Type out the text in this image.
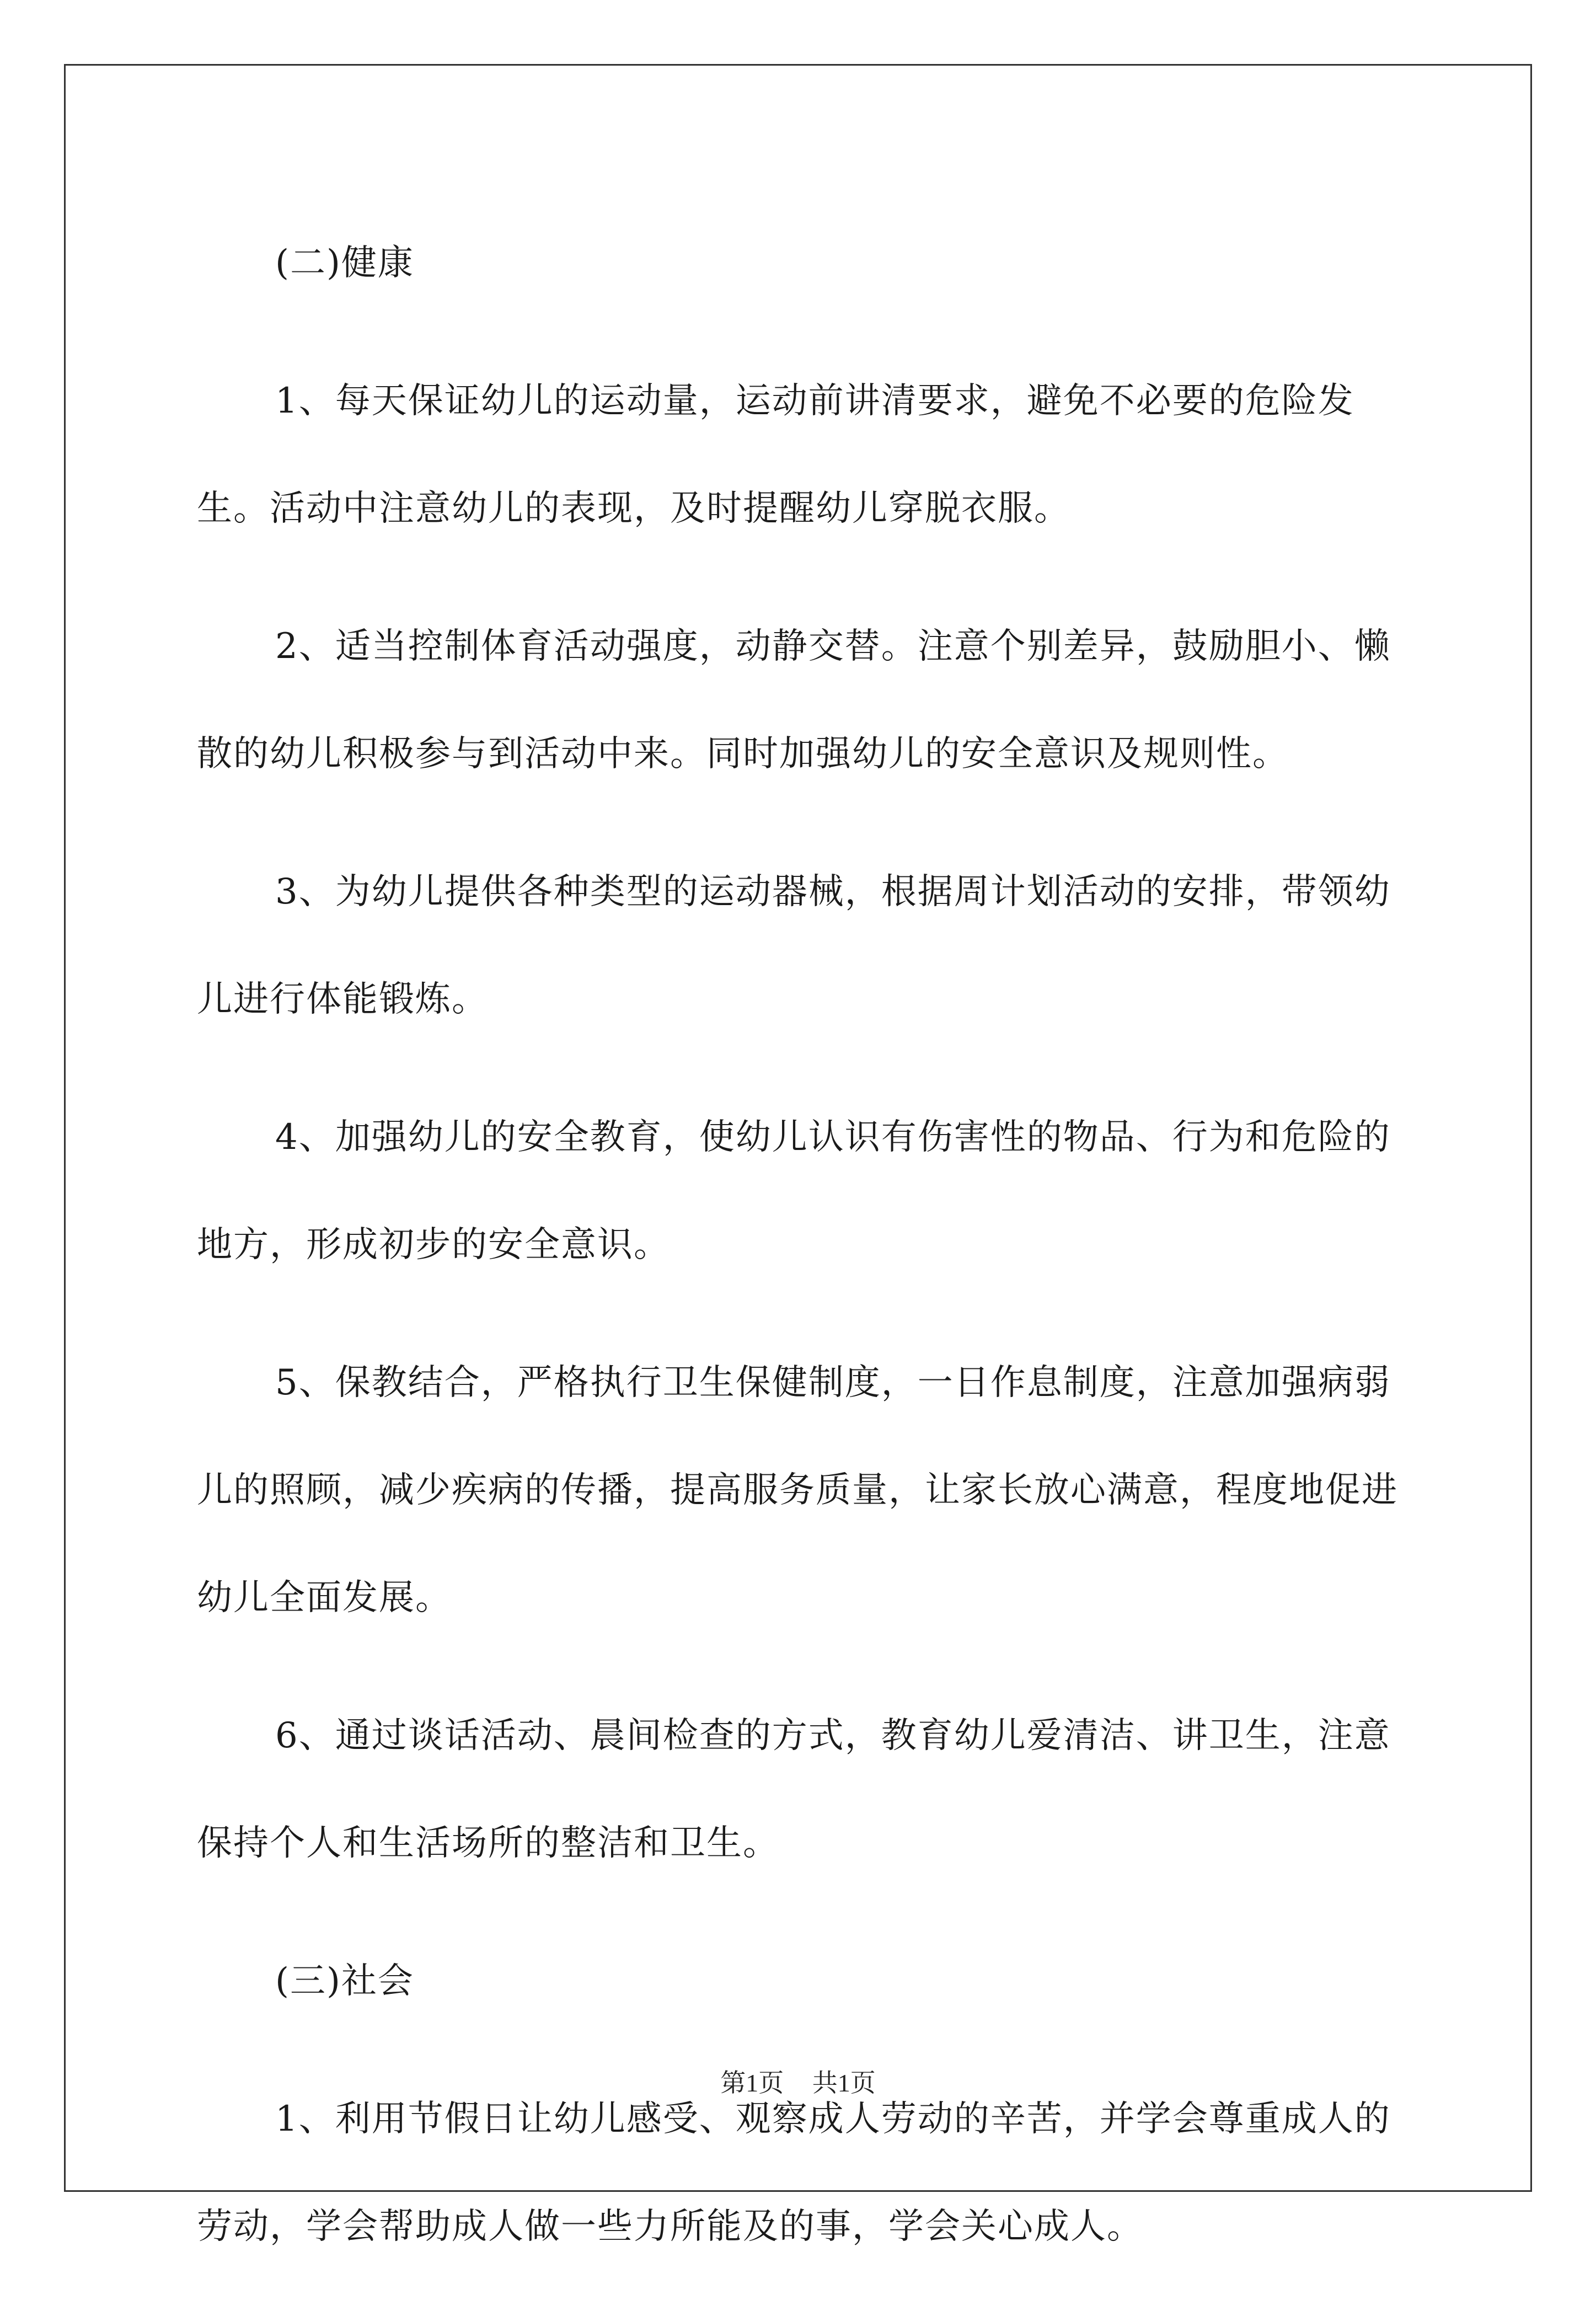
(二)健康

1、每天保证幼儿的运动量，运动前讲清要求，避免不必要的危险发生。活动中注意幼儿的表现，及时提醒幼儿穿脱衣服。

2、适当控制体育活动强度，动静交替。注意个别差异，鼓励胆小、懒散的幼儿积极参与到活动中来。同时加强幼儿的安全意识及规则性。

3、为幼儿提供各种类型的运动器械，根据周计划活动的安排，带领幼儿进行体能锻炼。

4、加强幼儿的安全教育，使幼儿认识有伤害性的物品、行为和危险的地方，形成初步的安全意识。

5、保教结合，严格执行卫生保健制度，一日作息制度，注意加强病弱儿的照顾，减少疾病的传播，提高服务质量，让家长放心满意，程度地促进幼儿全面发展。

6、通过谈话活动、晨间检查的方式，教育幼儿爱清洁、讲卫生，注意保持个人和生活场所的整洁和卫生。

(三)社会

1、利用节假日让幼儿感受、观察成人劳动的辛苦，并学会尊重成人的劳动，学会帮助成人做一些力所能及的事，学会关心成人。

第1页 共1页
